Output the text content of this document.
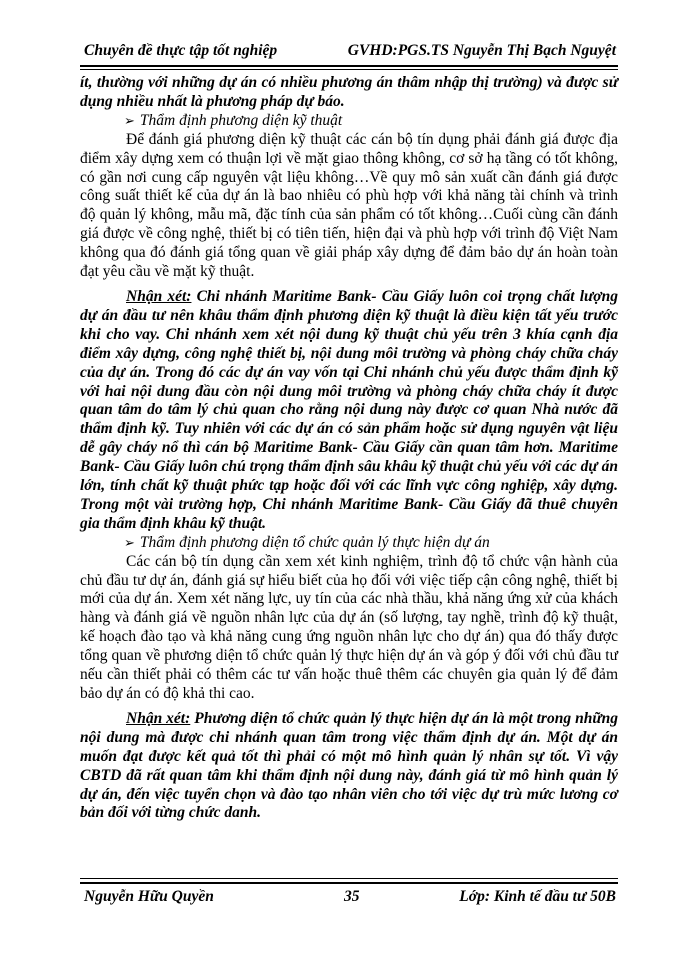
Chuyên đề thực tập tốt nghiệp	GVHD:PGS.TS Nguyễn Thị Bạch Nguyệt

ít, thường với những dự án có nhiều phương án thâm nhập thị trường) và được sử dụng nhiều nhất là phương pháp dự báo.

➢ Thẩm định phương diện kỹ thuật

Để đánh giá phương diện kỹ thuật các cán bộ tín dụng phải đánh giá được địa điểm xây dựng xem có thuận lợi về mặt giao thông không, cơ sở hạ tầng có tốt không, có gần nơi cung cấp nguyên vật liệu không…Về quy mô sản xuất cần đánh giá được công suất thiết kế của dự án là bao nhiêu có phù hợp với khả năng tài chính và trình độ quản lý không, mẫu mã, đặc tính của sản phẩm có tốt không…Cuối cùng cần đánh giá được về công nghệ, thiết bị có tiên tiến, hiện đại và phù hợp với trình độ Việt Nam không qua đó đánh giá tổng quan về giải pháp xây dựng để đảm bảo dự án hoàn toàn đạt yêu cầu về mặt kỹ thuật.

Nhận xét: Chi nhánh Maritime Bank- Cầu Giấy luôn coi trọng chất lượng dự án đầu tư nên khâu thẩm định phương diện kỹ thuật là điều kiện tất yếu trước khi cho vay. Chi nhánh xem xét nội dung kỹ thuật chủ yếu trên 3 khía cạnh địa điểm xây dựng, công nghệ thiết bị, nội dung môi trường và phòng cháy chữa cháy của dự án. Trong đó các dự án vay vốn tại Chi nhánh chủ yếu được thẩm định kỹ với hai nội dung đầu còn nội dung môi trường và phòng cháy chữa cháy ít được quan tâm do tâm lý chủ quan cho rằng nội dung này được cơ quan Nhà nước đã thẩm định kỹ. Tuy nhiên với các dự án có sản phẩm hoặc sử dụng nguyên vật liệu dễ gây cháy nổ thì cán bộ Maritime Bank- Cầu Giấy cần quan tâm hơn. Maritime Bank- Cầu Giấy luôn chú trọng thẩm định sâu khâu kỹ thuật chủ yếu với các dự án lớn, tính chất kỹ thuật phức tạp hoặc đối với các lĩnh vực công nghiệp, xây dựng. Trong một vài trường hợp, Chi nhánh Maritime Bank- Cầu Giấy đã thuê chuyên gia thẩm định khâu kỹ thuật.

➢ Thẩm định phương diện tổ chức quản lý thực hiện dự án

Các cán bộ tín dụng cần xem xét kinh nghiệm, trình độ tổ chức vận hành của chủ đầu tư dự án, đánh giá sự hiểu biết của họ đối với việc tiếp cận công nghệ, thiết bị mới của dự án. Xem xét năng lực, uy tín của các nhà thầu, khả năng ứng xử của khách hàng và đánh giá về nguồn nhân lực của dự án (số lượng, tay nghề, trình độ kỹ thuật, kế hoạch đào tạo và khả năng cung ứng nguồn nhân lực cho dự án) qua đó thấy được tổng quan về phương diện tổ chức quản lý thực hiện dự án và góp ý đối với chủ đầu tư nếu cần thiết phải có thêm các tư vấn hoặc thuê thêm các chuyên gia quản lý để đảm bảo dự án có độ khả thi cao.

Nhận xét: Phương diện tổ chức quản lý thực hiện dự án là một trong những nội dung mà được chi nhánh quan tâm trong việc thẩm định dự án. Một dự án muốn đạt được kết quả tốt thì phải có một mô hình quản lý nhân sự tốt. Vì vậy CBTD đã rất quan tâm khi thẩm định nội dung này, đánh giá từ mô hình quản lý dự án, đến việc tuyển chọn và đào tạo nhân viên cho tới việc dự trù mức lương cơ bản đối với từng chức danh.

Nguyễn Hữu Quyền	35	Lớp: Kinh tế đầu tư 50B
